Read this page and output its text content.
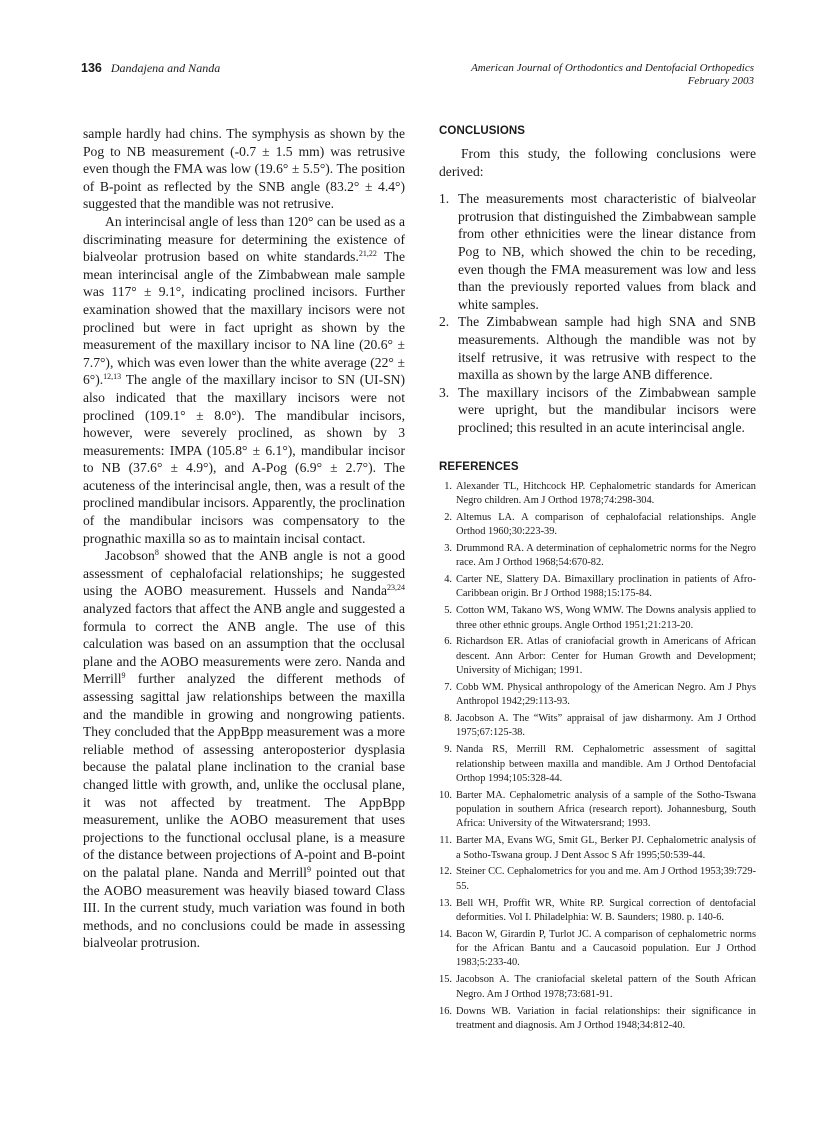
136 Dandajena and Nanda	American Journal of Orthodontics and Dentofacial Orthopedics
February 2003

sample hardly had chins. The symphysis as shown by the Pog to NB measurement (-0.7 ± 1.5 mm) was retrusive even though the FMA was low (19.6° ± 5.5°). The position of B-point as reflected by the SNB angle (83.2° ± 4.4°) suggested that the mandible was not retrusive.

An interincisal angle of less than 120° can be used as a discriminating measure for determining the existence of bialveolar protrusion based on white standards.$^{21,22}$ The mean interincisal angle of the Zimbabwean male sample was 117° ± 9.1°, indicating proclined incisors. Further examination showed that the maxillary incisors were not proclined but were in fact upright as shown by the measurement of the maxillary incisor to NA line (20.6° ± 7.7°), which was even lower than the white average (22° ± 6°).$^{12,13}$ The angle of the maxillary incisor to SN (UI-SN) also indicated that the maxillary incisors were not proclined (109.1° ± 8.0°). The mandibular incisors, however, were severely proclined, as shown by 3 measurements: IMPA (105.8° ± 6.1°), mandibular incisor to NB (37.6° ± 4.9°), and A-Pog (6.9° ± 2.7°). The acuteness of the interincisal angle, then, was a result of the proclined mandibular incisors. Apparently, the proclination of the mandibular incisors was compensatory to the prognathic maxilla so as to maintain incisal contact.

Jacobson$^8$ showed that the ANB angle is not a good assessment of cephalofacial relationships; he suggested using the AOBO measurement. Hussels and Nanda$^{23,24}$ analyzed factors that affect the ANB angle and suggested a formula to correct the ANB angle. The use of this calculation was based on an assumption that the occlusal plane and the AOBO measurements were zero. Nanda and Merrill$^9$ further analyzed the different methods of assessing sagittal jaw relationships between the maxilla and the mandible in growing and nongrowing patients. They concluded that the AppBpp measurement was a more reliable method of assessing anteroposterior dysplasia because the palatal plane inclination to the cranial base changed little with growth, and, unlike the occlusal plane, it was not affected by treatment. The AppBpp measurement, unlike the AOBO measurement that uses projections to the functional occlusal plane, is a measure of the distance between projections of A-point and B-point on the palatal plane. Nanda and Merrill$^9$ pointed out that the AOBO measurement was heavily biased toward Class III. In the current study, much variation was found in both methods, and no conclusions could be made in assessing bialveolar protrusion.

CONCLUSIONS

From this study, the following conclusions were derived:

1. The measurements most characteristic of bialveolar protrusion that distinguished the Zimbabwean sample from other ethnicities were the linear distance from Pog to NB, which showed the chin to be receding, even though the FMA measurement was low and less than the previously reported values from black and white samples.
2. The Zimbabwean sample had high SNA and SNB measurements. Although the mandible was not by itself retrusive, it was retrusive with respect to the maxilla as shown by the large ANB difference.
3. The maxillary incisors of the Zimbabwean sample were upright, but the mandibular incisors were proclined; this resulted in an acute interincisal angle.
REFERENCES
1. Alexander TL, Hitchcock HP. Cephalometric standards for American Negro children. Am J Orthod 1978;74:298-304.
2. Altemus LA. A comparison of cephalofacial relationships. Angle Orthod 1960;30:223-39.
3. Drummond RA. A determination of cephalometric norms for the Negro race. Am J Orthod 1968;54:670-82.
4. Carter NE, Slattery DA. Bimaxillary proclination in patients of Afro-Caribbean origin. Br J Orthod 1988;15:175-84.
5. Cotton WM, Takano WS, Wong WMW. The Downs analysis applied to three other ethnic groups. Angle Orthod 1951;21:213-20.
6. Richardson ER. Atlas of craniofacial growth in Americans of African descent. Ann Arbor: Center for Human Growth and Development; University of Michigan; 1991.
7. Cobb WM. Physical anthropology of the American Negro. Am J Phys Anthropol 1942;29:113-93.
8. Jacobson A. The “Wits” appraisal of jaw disharmony. Am J Orthod 1975;67:125-38.
9. Nanda RS, Merrill RM. Cephalometric assessment of sagittal relationship between maxilla and mandible. Am J Orthod Dentofacial Orthop 1994;105:328-44.
10. Barter MA. Cephalometric analysis of a sample of the Sotho-Tswana population in southern Africa (research report). Johannesburg, South Africa: University of the Witwatersrand; 1993.
11. Barter MA, Evans WG, Smit GL, Berker PJ. Cephalometric analysis of a Sotho-Tswana group. J Dent Assoc S Afr 1995;50:539-44.
12. Steiner CC. Cephalometrics for you and me. Am J Orthod 1953;39:729-55.
13. Bell WH, Proffit WR, White RP. Surgical correction of dentofacial deformities. Vol I. Philadelphia: W. B. Saunders; 1980. p. 140-6.
14. Bacon W, Girardin P, Turlot JC. A comparison of cephalometric norms for the African Bantu and a Caucasoid population. Eur J Orthod 1983;5:233-40.
15. Jacobson A. The craniofacial skeletal pattern of the South African Negro. Am J Orthod 1978;73:681-91.
16. Downs WB. Variation in facial relationships: their significance in treatment and diagnosis. Am J Orthod 1948;34:812-40.
